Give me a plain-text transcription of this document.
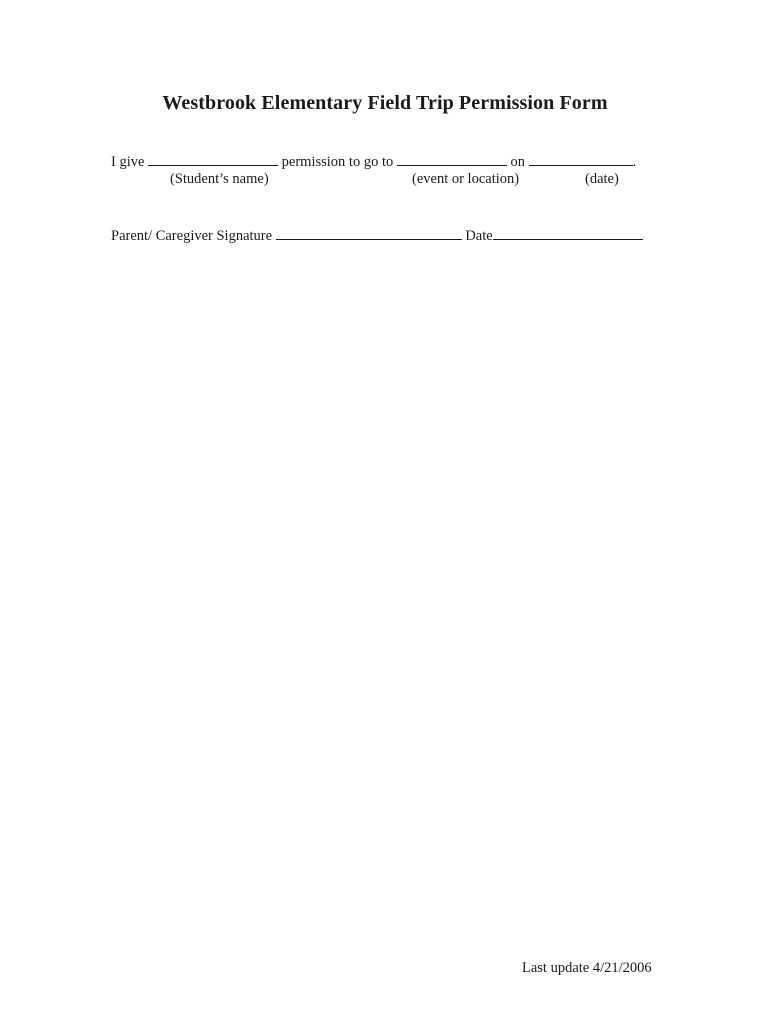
Westbrook Elementary Field Trip Permission Form
I give	permission to go to	on	.
(Student’s name)	(event or location)	(date)
Parent/ Caregiver Signature	Date
Last update 4/21/2006
